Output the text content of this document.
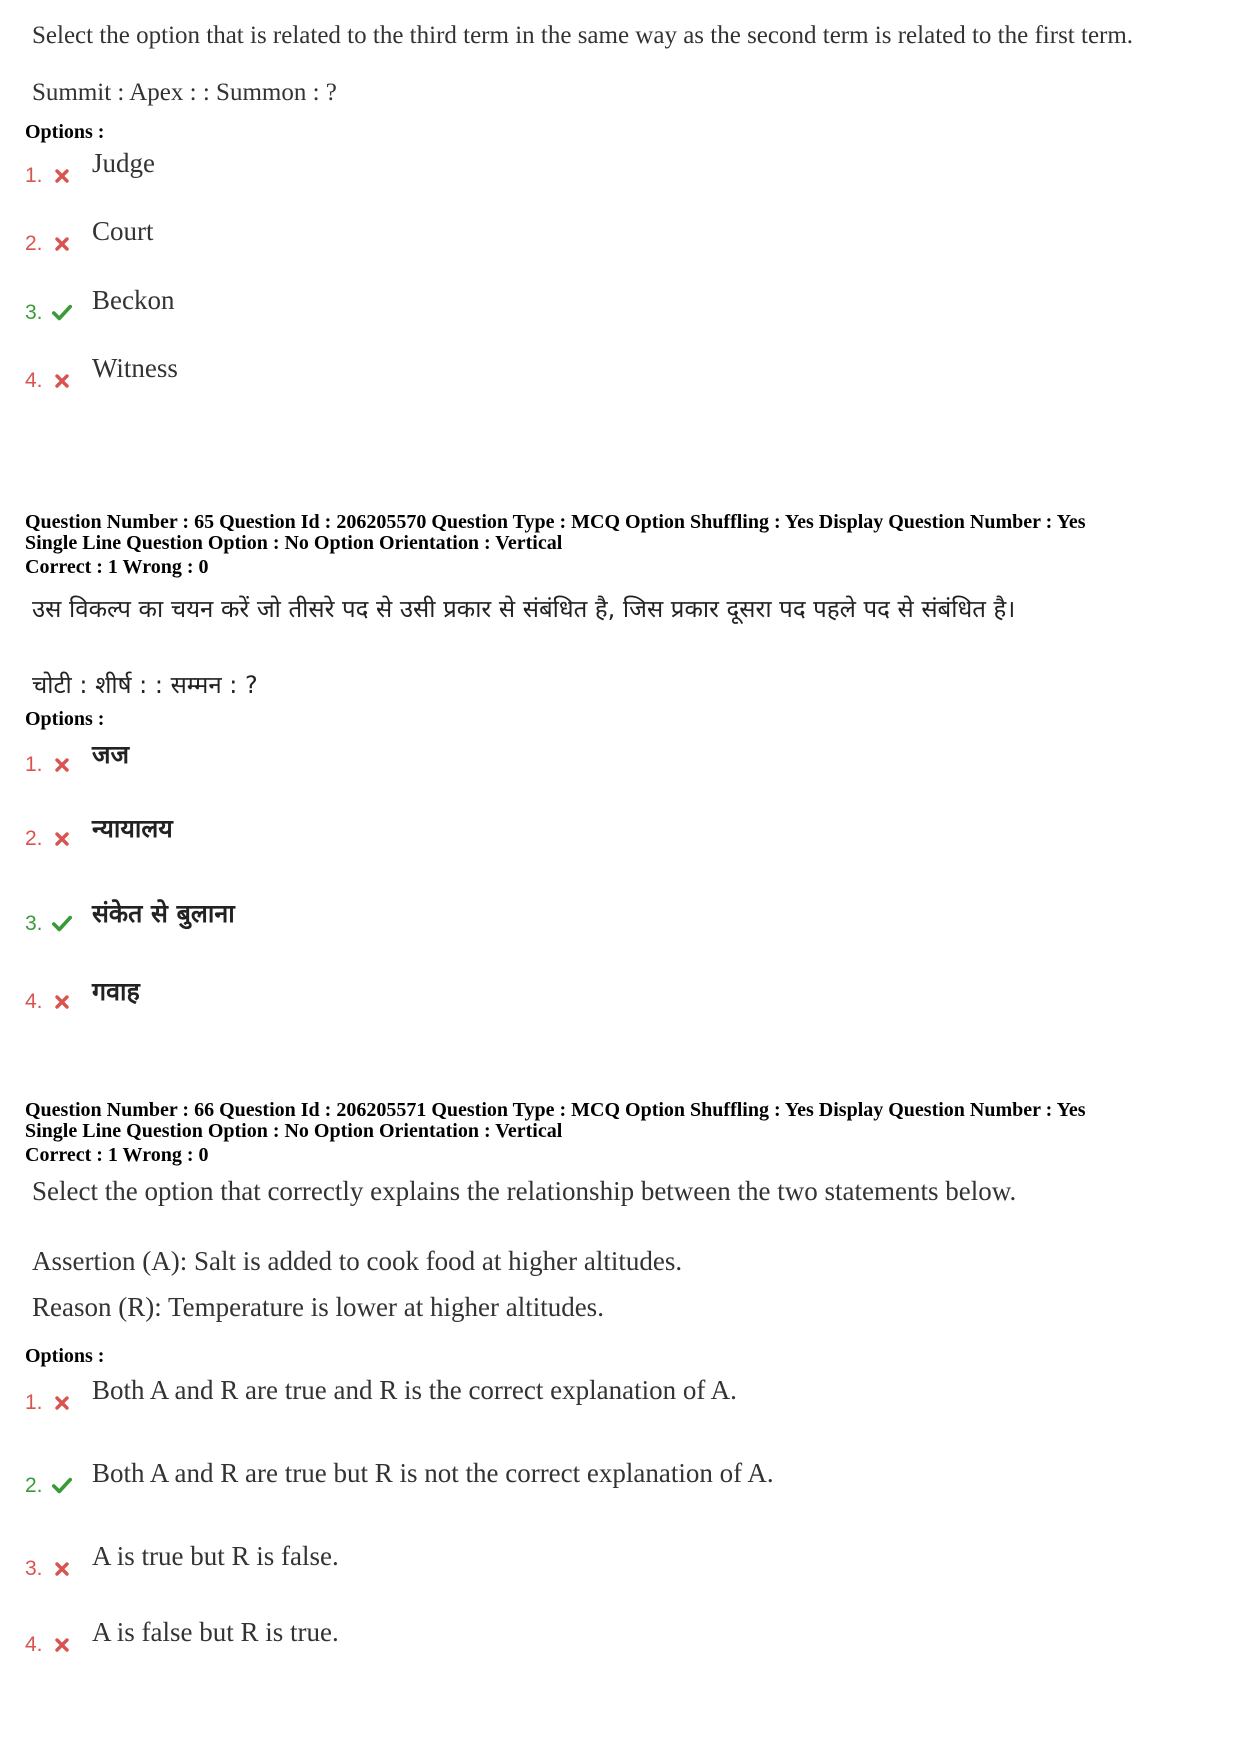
Select the option that is related to the third term in the same way as the second term is related to the first term.
Summit : Apex : : Summon : ?
Options :
1. Judge
2. Court
3. Beckon
4. Witness
Question Number : 65 Question Id : 206205570 Question Type : MCQ Option Shuffling : Yes Display Question Number : Yes
Single Line Question Option : No Option Orientation : Vertical
Correct : 1 Wrong : 0
उस विकल्प का चयन करें जो तीसरे पद से उसी प्रकार से संबंधित है, जिस प्रकार दूसरा पद पहले पद से संबंधित है।
चोटी : शीर्ष : : सम्मन : ?
Options :
1. जज
2. न्यायालय
3. संकेत से बुलाना
4. गवाह
Question Number : 66 Question Id : 206205571 Question Type : MCQ Option Shuffling : Yes Display Question Number : Yes
Single Line Question Option : No Option Orientation : Vertical
Correct : 1 Wrong : 0
Select the option that correctly explains the relationship between the two statements below.
Assertion (A): Salt is added to cook food at higher altitudes.
Reason (R): Temperature is lower at higher altitudes.
Options :
1. Both A and R are true and R is the correct explanation of A.
2. Both A and R are true but R is not the correct explanation of A.
3. A is true but R is false.
4. A is false but R is true.
